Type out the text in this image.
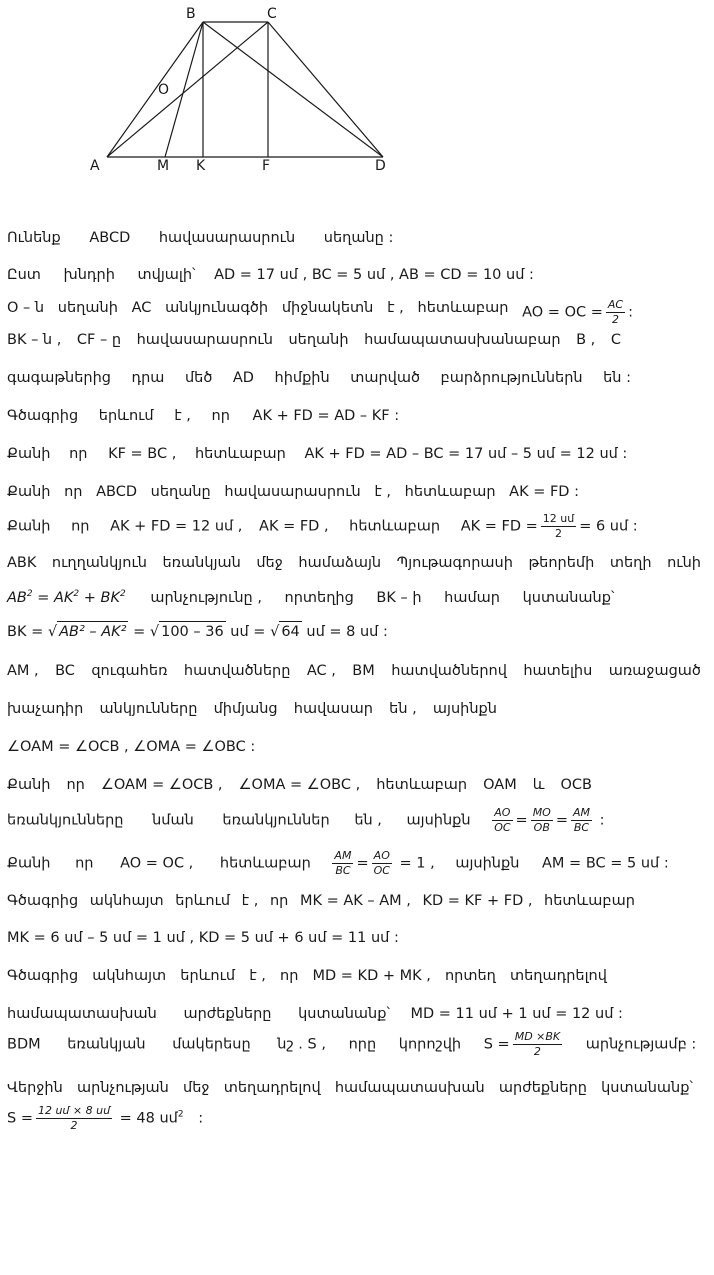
B	C
O
A	M K	F	D
Ունենք ABCD հավասարասրուն սեղանը :
Ըստ խնդրի տվյալի՝ AD = 17 սմ , BC = 5 սմ , AB = CD = 10 սմ :
O – ն սեղանի AC անկյունագծի միջնակետն է , հետևաբար AO = OC = $\frac{AC}{2}$ :
BK – ն , CF – ը հավասարասրուն սեղանի համապատասխանաբար B , C
գագաթներից դրա մեծ AD հիմքին տարված բարձրություններն են :
Գծագրից երևում է , որ AK + FD = AD – KF :
Քանի որ KF = BC , հետևաբար AK + FD = AD – BC = 17 սմ – 5 սմ = 12 սմ :
Քանի որ ABCD սեղանը հավասարասրուն է , հետևաբար AK = FD :
Քանի որ AK + FD = 12 սմ , AK = FD , հետևաբար AK = FD = $\frac{\text{12 սմ}}{2} = 6$ սմ :
ABK ուղղանկյուն եռանկյան մեջ համաձայն Պյութագորասի թեորեմի տեղի ունի
$AB^2 = AK^2 + BK^2$ արնչությունը , որտեղից BK – ի համար կստանանք՝
BK = √ AB² – AK² = √ 100 – 36 սմ = √ 64 սմ = 8 սմ :
AM , BC զուգահեռ հատվածները AC , BM հատվածներով հատելիս առաջացած
խաչադիր անկյունները միմյանց հավասար են , այսինքն
∠OAM = ∠OCB , ∠OMA = ∠OBC :
Քանի որ ∠OAM = ∠OCB , ∠OMA = ∠OBC , հետևաբար OAM և OCB
եռանկյունները նման եռանկյուններ են , այսինքն $\frac{AO}{OC} = \frac{MO}{OB} = \frac{AM}{BC}$ :
Քանի որ AO = OC , հետևաբար $\frac{AM}{BC} = \frac{AO}{OC} = 1$ , այսինքն AM = BC = 5 սմ :
Գծագրից ակնհայտ երևում է , որ MK = AK – AM , KD = KF + FD , հետևաբար
MK = 6 սմ – 5 սմ = 1 սմ , KD = 5 սմ + 6 սմ = 11 սմ :
Գծագրից ակնհայտ երևում է , որ MD = KD + MK , որտեղ տեղադրելով
համապատասխան արժեքները կստանանք՝ MD = 11 սմ + 1 սմ = 12 սմ :
BDM եռանկյան մակերեսը նշ . S , որը կորոշվի $S = \frac{MD \times BK}{2}$ արնչությամբ :
Վերջին արնչության մեջ տեղադրելով համապատասխան արժեքները կստանանք՝
$S = \frac{\text{12 սմ × 8 սմ}}{2} = 48$ սմ$^2$ :
